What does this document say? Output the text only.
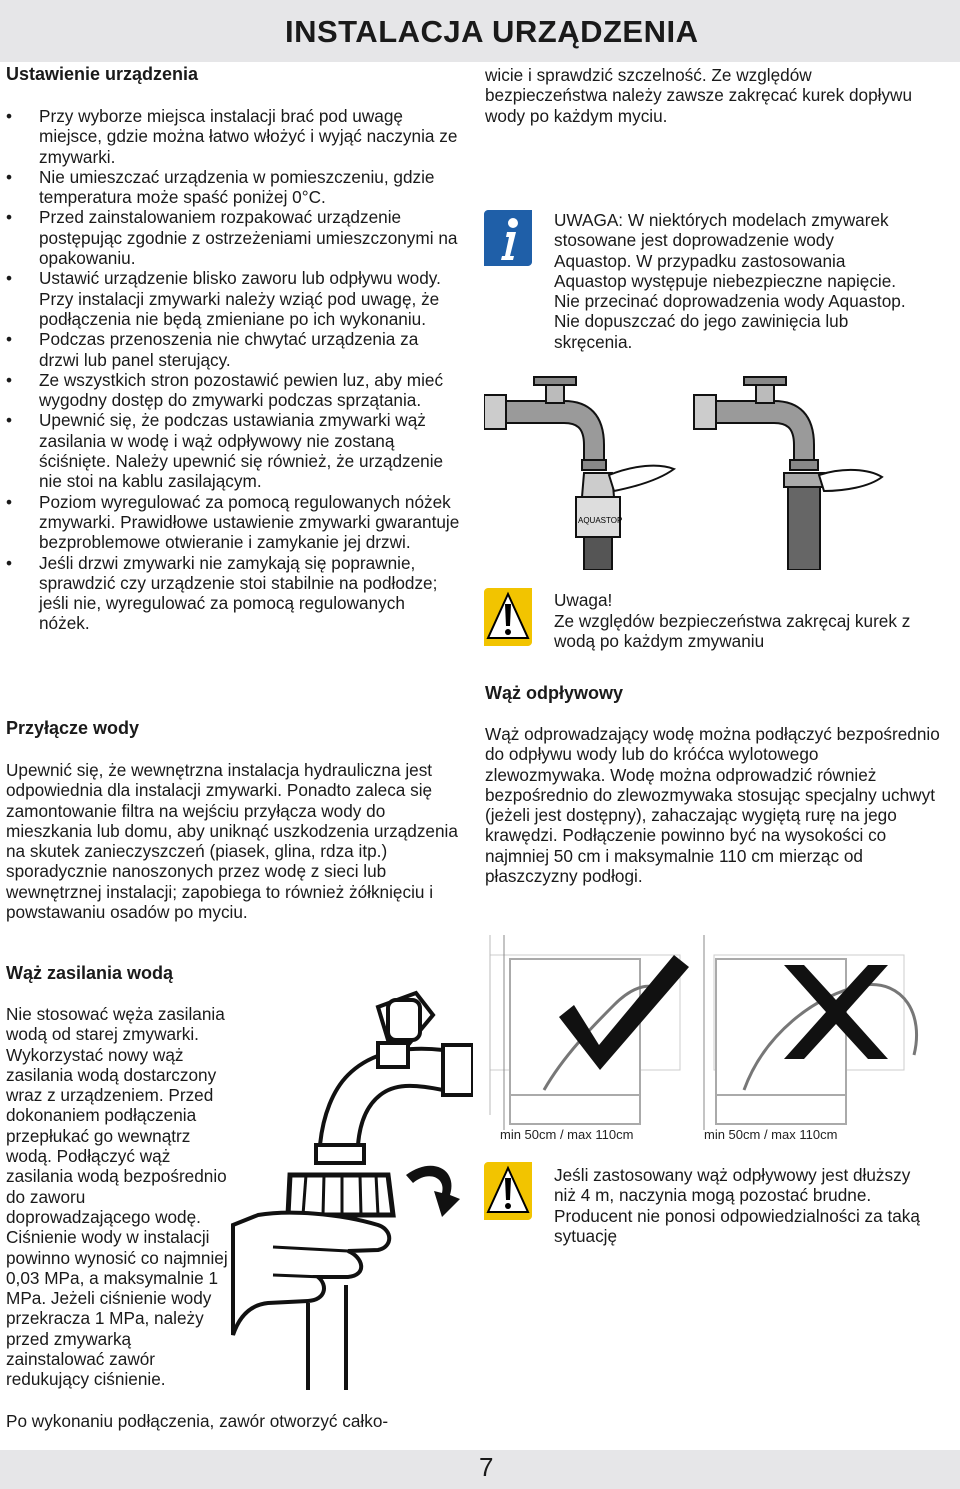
INSTALACJA URZĄDZENIA
Ustawienie urządzenia
• Przy wyborze miejsca instalacji brać pod uwagę miejsce, gdzie można łatwo włożyć i wyjąć naczynia ze zmywarki.
• Nie umieszczać urządzenia w pomieszczeniu, gdzie temperatura może spaść poniżej 0°C.
• Przed zainstalowaniem rozpakować urządzenie postępując zgodnie z ostrzeżeniami umieszczonymi na opakowaniu.
• Ustawić urządzenie blisko zaworu lub odpływu wody. Przy instalacji zmywarki należy wziąć pod uwagę, że podłączenia nie będą zmieniane po ich wykonaniu.
• Podczas przenoszenia nie chwytać urządzenia za drzwi lub panel sterujący.
• Ze wszystkich stron pozostawić pewien luz, aby mieć wygodny dostęp do zmywarki podczas sprzątania.
• Upewnić się, że podczas ustawiania zmywarki wąż zasilania w wodę i wąż odpływowy nie zostaną ściśnięte. Należy upewnić się również, że urządzenie nie stoi na kablu zasilającym.
• Poziom wyregulować za pomocą regulowanych nóżek zmywarki. Prawidłowe ustawienie zmywarki gwarantuje bezproblemowe otwieranie i zamykanie jej drzwi.
• Jeśli drzwi zmywarki nie zamykają się poprawnie, sprawdzić czy urządzenie stoi stabilnie na podłodze; jeśli nie, wyregulować za pomocą regulowanych nóżek.
Przyłącze wody

Upewnić się, że wewnętrzna instalacja hydrauliczna jest odpowiednia dla instalacji zmywarki. Ponadto zaleca się zamontowanie filtra na wejściu przyłącza wody do mieszkania lub domu, aby uniknąć uszkodzenia urządzenia na skutek zanieczyszczeń (piasek, glina, rdza itp.) sporadycznie nanoszonych przez wodę z sieci lub wewnętrznej instalacji; zapobiega to również żółknięciu i powstawaniu osadów po myciu.

Wąż zasilania wodą

Nie stosować węża zasilania wodą od starej zmywarki. Wykorzystać nowy wąż zasilania wodą dostarczony wraz z urządzeniem. Przed dokonaniem podłączenia przepłukać go wewnątrz wodą. Podłączyć wąż zasilania wodą bezpośrednio do zaworu doprowadzającego wodę. Ciśnienie wody w instalacji powinno wynosić co najmniej 0,03 MPa, a maksymalnie 1 MPa. Jeżeli ciśnienie wody przekracza 1 MPa, należy przed zmywarką zainstalować zawór redukujący ciśnienie.

Po wykonaniu podłączenia, zawór otworzyć całko-

wicie i sprawdzić szczelność. Ze względów bezpieczeństwa należy zawsze zakręcać kurek dopływu wody po każdym myciu.

UWAGA: W niektórych modelach zmywarek stosowane jest doprowadzenie wody Aquastop. W przypadku zastosowania Aquastop występuje niebezpieczne napięcie. Nie przecinać doprowadzenia wody Aquastop. Nie dopuszczać do jego zawinięcia lub skręcenia.

AQUASTOP

Uwaga!

Ze względów bezpieczeństwa zakręcaj kurek z wodą po każdym zmywaniu

Wąż odpływowy

Wąż odprowadzający wodę można podłączyć bezpośrednio do odpływu wody lub do króćca wylotowego zlewozmywaka. Wodę można odprowadzić również bezpośrednio do zlewozmywaka stosując specjalny uchwyt (jeżeli jest dostępny), zahaczając wygiętą rurę na jego krawędzi. Podłączenie powinno być na wysokości co najmniej 50 cm i maksymalnie 110 cm mierząc od płaszczyzny podłogi.

min 50cm / max 110cm	min 50cm / max 110cm

Jeśli zastosowany wąż odpływowy jest dłuższy niż 4 m, naczynia mogą pozostać brudne. Producent nie ponosi odpowiedzialności za taką sytuację

7
